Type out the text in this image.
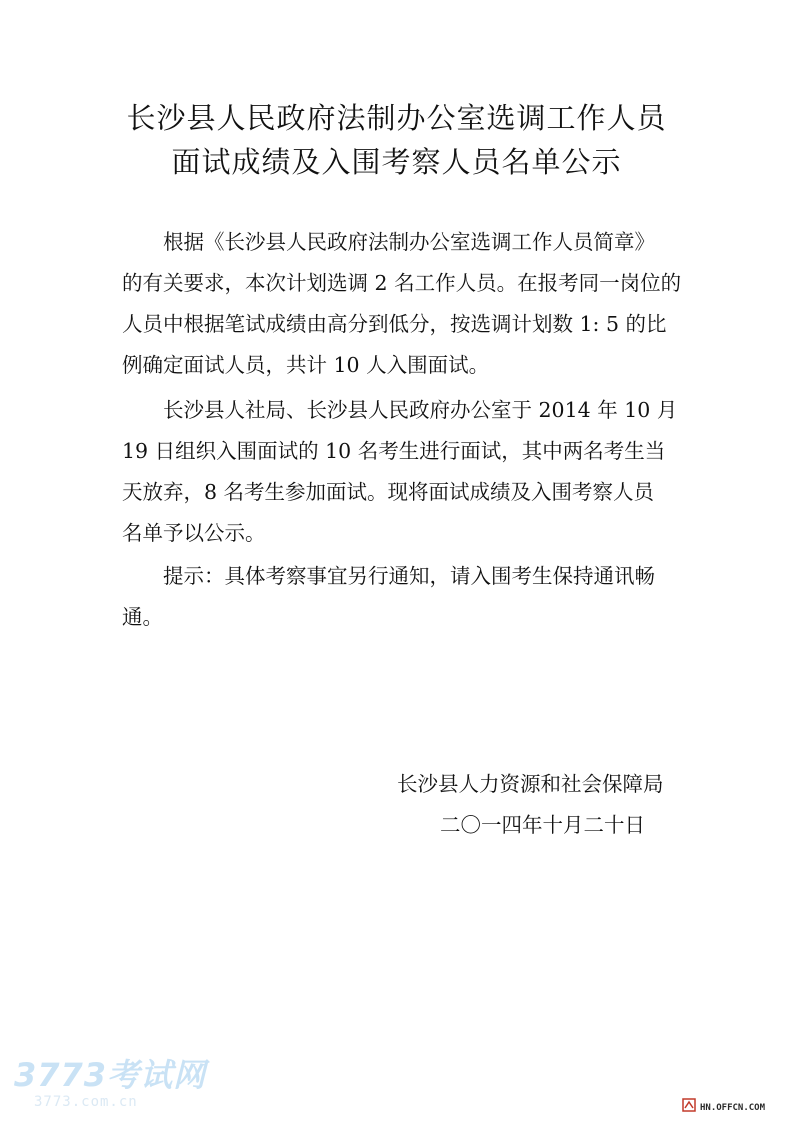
长沙县人民政府法制办公室选调工作人员
面试成绩及入围考察人员名单公示
根据《长沙县人民政府法制办公室选调工作人员简章》
的有关要求，本次计划选调 2 名工作人员。在报考同一岗位的
人员中根据笔试成绩由高分到低分，按选调计划数 1: 5 的比
例确定面试人员，共计 10 人入围面试。
长沙县人社局、长沙县人民政府办公室于 2014 年 10 月
19 日组织入围面试的 10 名考生进行面试，其中两名考生当
天放弃，8 名考生参加面试。现将面试成绩及入围考察人员
名单予以公示。
提示：具体考察事宜另行通知，请入围考生保持通讯畅
通。
长沙县人力资源和社会保障局
二〇一四年十月二十日
3773考试网
3773.com.cn	HN.OFFCN.COM
